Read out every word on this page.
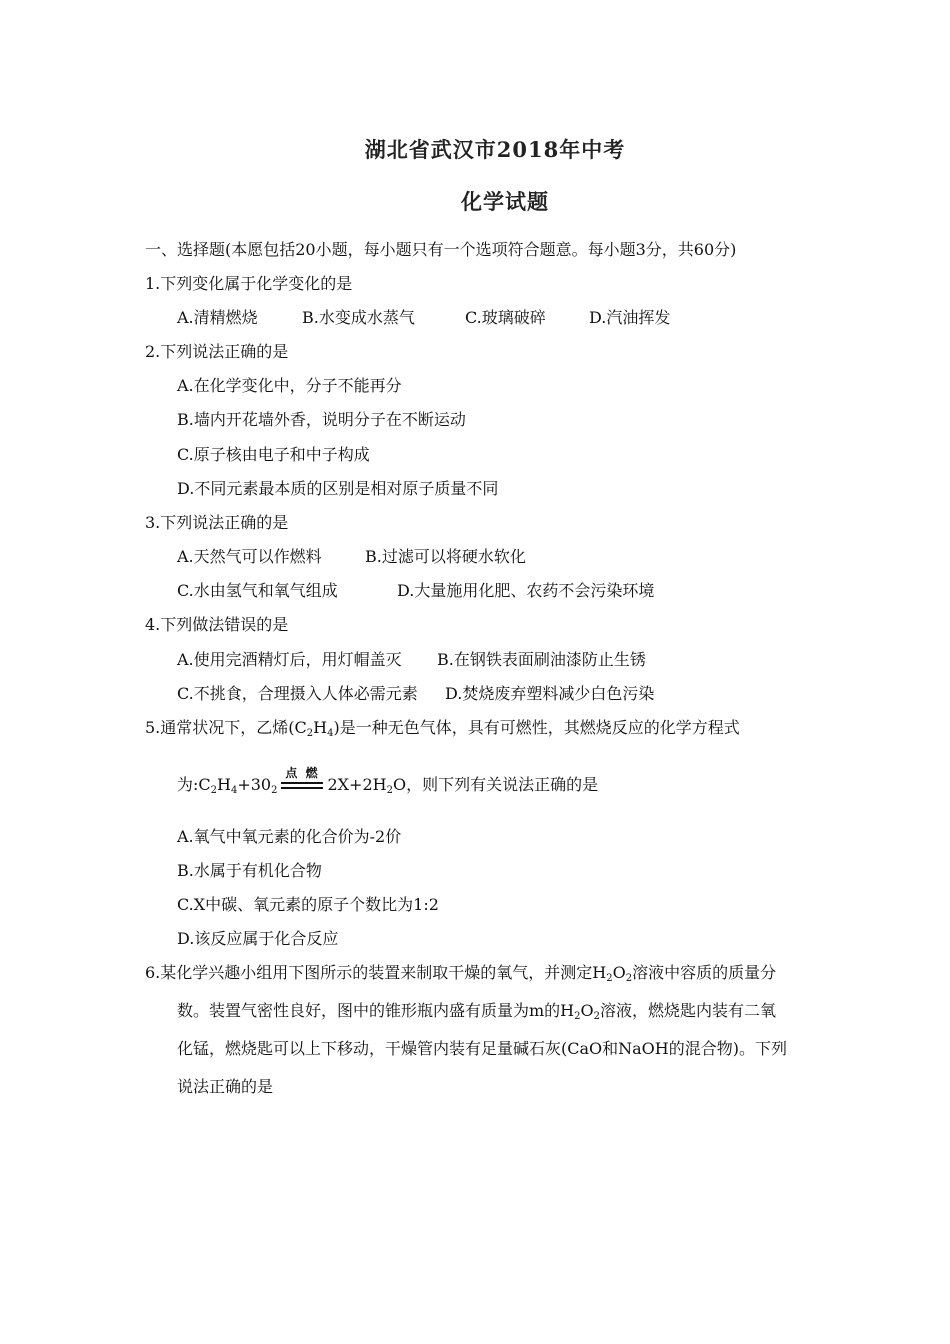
湖北省武汉市2018年中考
化学试题
一、选择题(本愿包括20小题，每小题只有一个选项符合题意。每小题3分，共60分)
1.下列变化属于化学变化的是
A.清精燃烧	B.水变成水蒸气	C.玻璃破碎	D.汽油挥发
2.下列说法正确的是
A.在化学变化中，分子不能再分
B.墙内开花墙外香，说明分子在不断运动
C.原子核由电子和中子构成
D.不同元素最本质的区别是相对原子质量不同
3.下列说法正确的是
A.天然气可以作燃料	B.过滤可以将硬水软化
C.水由氢气和氧气组成	D.大量施用化肥、农药不会污染环境
4.下列做法错误的是
A.使用完酒精灯后，用灯帽盖灭 B.在钢铁表面刷油漆防止生锈
C.不挑食，合理摄入人体必需元素 D.焚烧废弃塑料减少白色污染
5.通常状况下，乙烯$(C_2H_4)$是一种无色气体，具有可燃性，其燃烧反应的化学方程式
为$:C_2H_4+30_2$
点 燃
$2X+2H_2O$，则下列有关说法正确的是
A.氧气中氧元素的化合价为-2价
B.水属于有机化合物
C.X中碳、氧元素的原子个数比为1:2
D.该反应属于化合反应
6.某化学兴趣小组用下图所示的装置来制取干燥的氧气，并测定$H_2O_2$溶液中容质的质量分
数。装置气密性良好，图中的锥形瓶内盛有质量为m的$H_2O_2$溶液，燃烧匙内装有二氧
化锰，燃烧匙可以上下移动，干燥管内装有足量碱石灰(CaO和NaOH的混合物)。下列
说法正确的是
